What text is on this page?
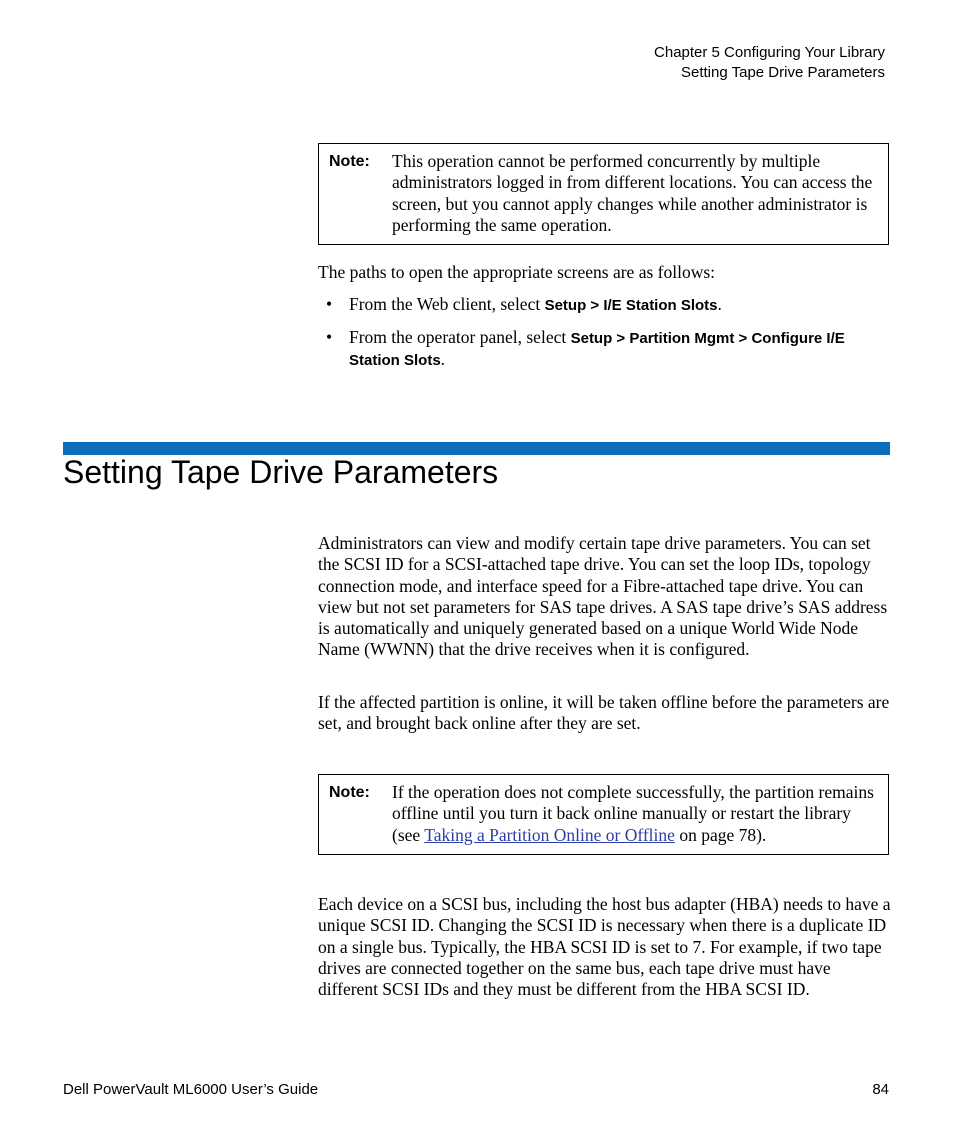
Chapter 5 Configuring Your Library
Setting Tape Drive Parameters
Note:	This operation cannot be performed concurrently by multiple administrators logged in from different locations. You can access the screen, but you cannot apply changes while another administrator is performing the same operation.

The paths to open the appropriate screens are as follows:

• From the Web client, select Setup > I/E Station Slots.
• From the operator panel, select Setup > Partition Mgmt > Configure I/E Station Slots.
Setting Tape Drive Parameters

Administrators can view and modify certain tape drive parameters. You can set the SCSI ID for a SCSI-attached tape drive. You can set the loop IDs, topology connection mode, and interface speed for a Fibre-attached tape drive. You can view but not set parameters for SAS tape drives. A SAS tape drive’s SAS address is automatically and uniquely generated based on a unique World Wide Node Name (WWNN) that the drive receives when it is configured.

If the affected partition is online, it will be taken offline before the parameters are set, and brought back online after they are set.

Note:	If the operation does not complete successfully, the partition remains offline until you turn it back online manually or restart the library (see Taking a Partition Online or Offline on page 78).

Each device on a SCSI bus, including the host bus adapter (HBA) needs to have a unique SCSI ID. Changing the SCSI ID is necessary when there is a duplicate ID on a single bus. Typically, the HBA SCSI ID is set to 7. For example, if two tape drives are connected together on the same bus, each tape drive must have different SCSI IDs and they must be different from the HBA SCSI ID.

Dell PowerVault ML6000 User’s Guide	84
